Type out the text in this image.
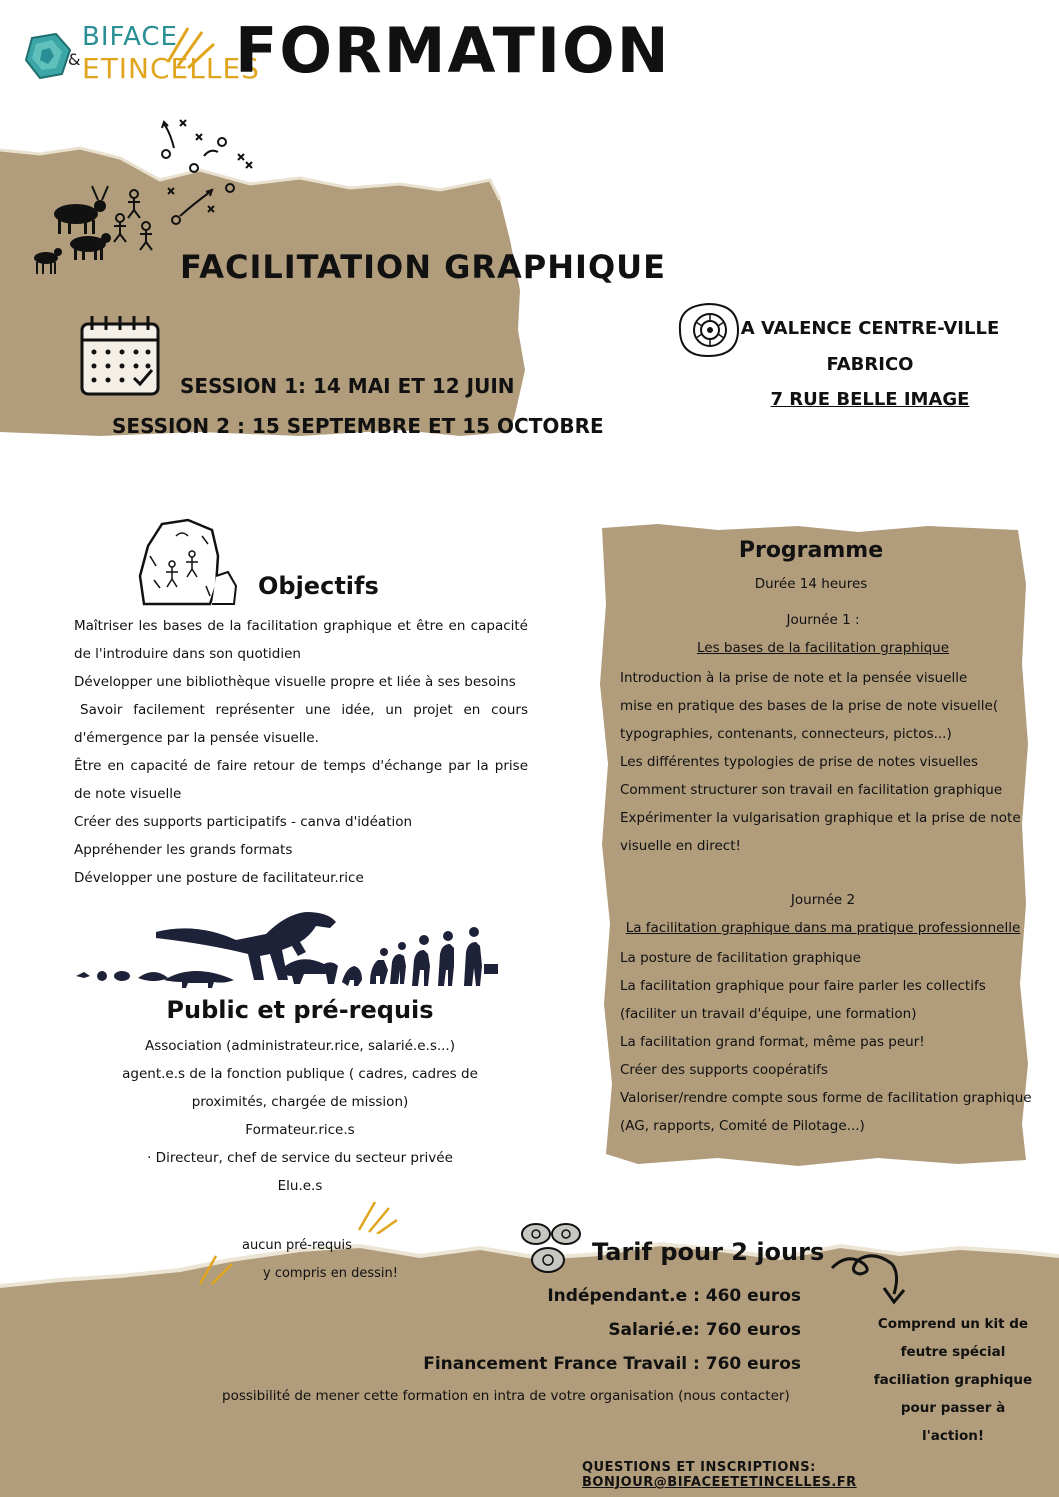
&
BIFACE
ETINCELLES
FORMATION
FACILITATION GRAPHIQUE
SESSION 1: 14 MAI ET 12 JUIN
SESSION 2 : 15 SEPTEMBRE ET 15 OCTOBRE
A VALENCE CENTRE-VILLE
FABRICO
7 RUE BELLE IMAGE
Objectifs
Maîtriser les bases de la facilitation graphique et être en capacité de l'introduire dans son quotidien
Développer une bibliothèque visuelle propre et liée à ses besoins
Savoir facilement représenter une idée, un projet en cours d'émergence par la pensée visuelle.
Être en capacité de faire retour de temps d'échange par la prise de note visuelle
Créer des supports participatifs - canva d'idéation
Appréhender les grands formats
Développer une posture de facilitateur.rice
Public et pré-requis
Association (administrateur.rice, salarié.e.s...)
agent.e.s de la fonction publique ( cadres, cadres de proximités, chargée de mission)
Formateur.rice.s
· Directeur, chef de service du secteur privée
Elu.e.s
Programme
Durée 14 heures
Journée 1 :
Les bases de la facilitation graphique
Introduction à la prise de note et la pensée visuelle
mise en pratique des bases de la prise de note visuelle( typographies, contenants, connecteurs, pictos...)
Les différentes typologies de prise de notes visuelles
Comment structurer son travail en facilitation graphique
Expérimenter la vulgarisation graphique et la prise de note visuelle en direct!
Journée 2
La facilitation graphique dans ma pratique professionnelle
La posture de facilitation graphique
La facilitation graphique pour faire parler les collectifs (faciliter un travail d'équipe, une formation)
La facilitation grand format, même pas peur!
Créer des supports coopératifs
Valoriser/rendre compte sous forme de facilitation graphique (AG, rapports, Comité de Pilotage...)
aucun pré-requis
y compris en dessin!
Tarif pour 2 jours
Indépendant.e : 460 euros
Salarié.e: 760 euros
Financement France Travail : 760 euros
possibilité de mener cette formation en intra de votre organisation (nous contacter)
Comprend un kit de
feutre spécial
faciliation graphique
pour passer à l'action!
QUESTIONS ET INSCRIPTIONS: BONJOUR@BIFACEETETINCELLES.FR
